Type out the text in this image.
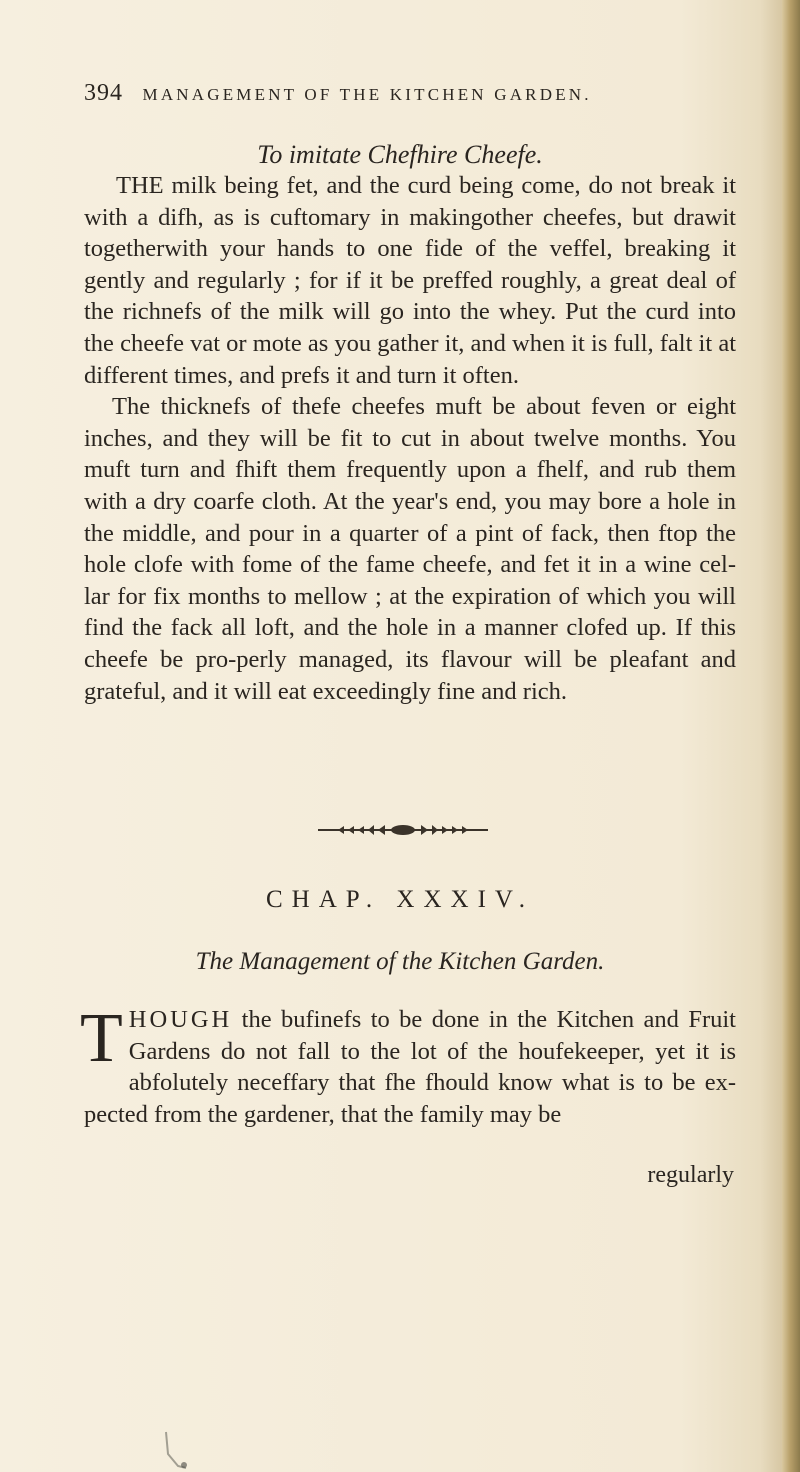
394 MANAGEMENT OF THE KITCHEN GARDEN.
To imitate Chefhire Cheefe.

THE milk being fet, and the curd being come, do not break it with a difh, as is cuftomary in makingother cheefes, but drawit togetherwith your hands to one fide of the veffel, breaking it gently and regularly ; for if it be preffed roughly, a great deal of the richnefs of the milk will go into the whey. Put the curd into the cheefe vat or mote as you gather it, and when it is full, falt it at different times, and prefs it and turn it often.

The thicknefs of thefe cheefes muft be about feven or eight inches, and they will be fit to cut in about twelve months. You muft turn and fhift them frequently upon a fhelf, and rub them with a dry coarfe cloth. At the year's end, you may bore a hole in the middle, and pour in a quarter of a pint of fack, then ftop the hole clofe with fome of the fame cheefe, and fet it in a wine cel-lar for fix months to mellow ; at the expiration of which you will find the fack all loft, and the hole in a manner clofed up. If this cheefe be pro-perly managed, its flavour will be pleafant and grateful, and it will eat exceedingly fine and rich.

CHAP. XXXIV.
The Management of the Kitchen Garden.

THOUGH the bufinefs to be done in the Kitchen and Fruit Gardens do not fall to the lot of the houfekeeper, yet it is abfolutely neceffary that fhe fhould know what is to be ex-pected from the gardener, that the family may be

regularly
